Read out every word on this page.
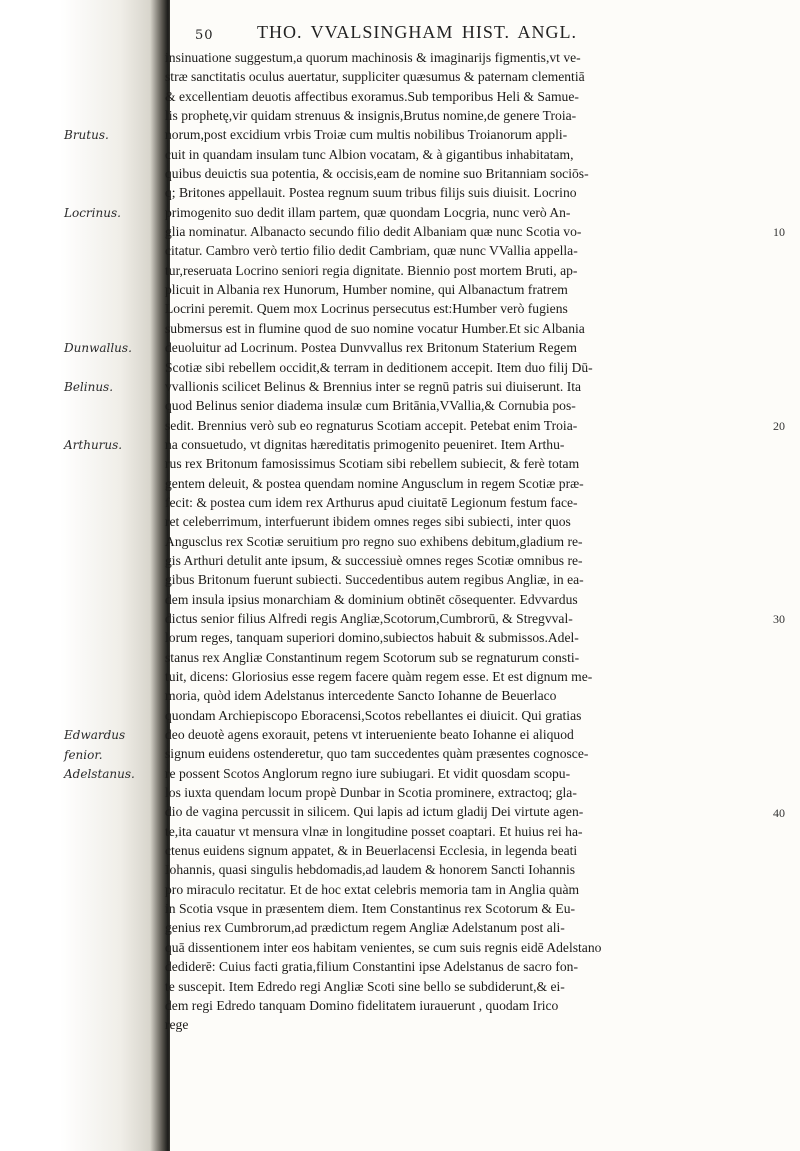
50 THO. VVALSINGHAM HIST. ANGL.
Brutus.
Locrinus.
Dunwallus.
Belinus.
Arthurus.
Edwardus
fenior.
Adelstanus.
insinuatione suggestum,a quorum machinosis & imaginarijs figmentis,vt ve-
stræ sanctitatis oculus auertatur, suppliciter quæsumus & paternam clementiā
& excellentiam deuotis affectibus exoramus.Sub temporibus Heli & Samue-
lis prophetę,vir quidam strenuus & insignis,Brutus nomine,de genere Troia-
norum,post excidium vrbis Troiæ cum multis nobilibus Troianorum appli-
cuit in quandam insulam tunc Albion vocatam, & à gigantibus inhabitatam,
quibus deuictis sua potentia, & occisis,eam de nomine suo Britanniam sociōs-
q; Britones appellauit. Postea regnum suum tribus filijs suis diuisit. Locrino
primogenito suo dedit illam partem, quæ quondam Locgria, nunc verò An-
glia nominatur. Albanacto secundo filio dedit Albaniam quæ nunc Scotia vo-
citatur. Cambro verò tertio filio dedit Cambriam, quæ nunc VVallia appella-
tur,reseruata Locrino seniori regia dignitate. Biennio post mortem Bruti, ap-
plicuit in Albania rex Hunorum, Humber nomine, qui Albanactum fratrem
Locrini peremit. Quem mox Locrinus persecutus est:Humber verò fugiens
submersus est in flumine quod de suo nomine vocatur Humber.Et sic Albania
deuoluitur ad Locrinum. Postea Dunvvallus rex Britonum Staterium Regem
Scotiæ sibi rebellem occidit,& terram in deditionem accepit. Item duo filij Dū-
vvallionis scilicet Belinus & Brennius inter se regnū patris sui diuiserunt. Ita
quod Belinus senior diadema insulæ cum Britānia,VVallia,& Cornubia pos-
sedit. Brennius verò sub eo regnaturus Scotiam accepit. Petebat enim Troia-
na consuetudo, vt dignitas hæreditatis primogenito peueniret. Item Arthu-
rus rex Britonum famosissimus Scotiam sibi rebellem subiecit, & ferè totam
gentem deleuit, & postea quendam nomine Angusclum in regem Scotiæ præ-
fecit: & postea cum idem rex Arthurus apud ciuitatē Legionum festum face-
ret celeberrimum, interfuerunt ibidem omnes reges sibi subiecti, inter quos
Angusclus rex Scotiæ seruitium pro regno suo exhibens debitum,gladium re-
gis Arthuri detulit ante ipsum, & successiuè omnes reges Scotiæ omnibus re-
gibus Britonum fuerunt subiecti. Succedentibus autem regibus Angliæ, in ea-
dem insula ipsius monarchiam & dominium obtinēt cōsequenter. Edvvardus
dictus senior filius Alfredi regis Angliæ,Scotorum,Cumbrorū, & Stregvval-
lorum reges, tanquam superiori domino,subiectos habuit & submissos.Adel-
stanus rex Angliæ Constantinum regem Scotorum sub se regnaturum consti-
tuit, dicens: Gloriosius esse regem facere quàm regem esse. Et est dignum me-
moria, quòd idem Adelstanus intercedente Sancto Iohanne de Beuerlaco
quondam Archiepiscopo Eboracensi,Scotos rebellantes ei diuicit. Qui gratias
deo deuotè agens exorauit, petens vt interueniente beato Iohanne ei aliquod
signum euidens ostenderetur, quo tam succedentes quàm præsentes cognosce-
re possent Scotos Anglorum regno iure subiugari. Et vidit quosdam scopu-
los iuxta quendam locum propè Dunbar in Scotia prominere, extractoq; gla-
dio de vagina percussit in silicem. Qui lapis ad ictum gladij Dei virtute agen-
te,ita cauatur vt mensura vlnæ in longitudine posset coaptari. Et huius rei ha-
ctenus euidens signum appatet, & in Beuerlacensi Ecclesia, in legenda beati
Iohannis, quasi singulis hebdomadis,ad laudem & honorem Sancti Iohannis
pro miraculo recitatur. Et de hoc extat celebris memoria tam in Anglia quàm
in Scotia vsque in præsentem diem. Item Constantinus rex Scotorum & Eu-
genius rex Cumbrorum,ad prædictum regem Angliæ Adelstanum post ali-
quā dissentionem inter eos habitam venientes, se cum suis regnis eidē Adelstano
dediderē: Cuius facti gratia,filium Constantini ipse Adelstanus de sacro fon-
te suscepit. Item Edredo regi Angliæ Scoti sine bello se subdiderunt,& ei-
dem regi Edredo tanquam Domino fidelitatem iurauerunt , quodam Irico
rege
10
20
30
40
